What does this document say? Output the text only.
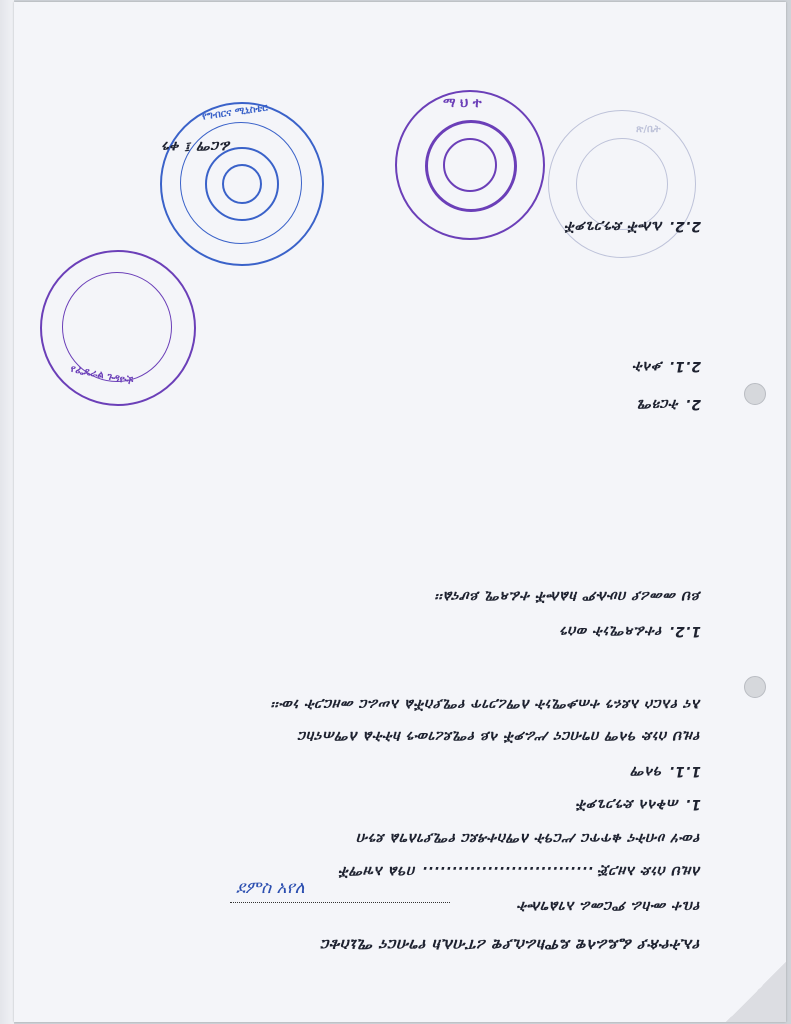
የግብርና ሚኒስቴር	ማ ህ ተ
የፌዴራል ጉዳዮች
ጽ/ቤት
የኢትዮጵያ ፌዴራላዊ ዴሞክራሲያዊ ሪፐብሊክ የግብርና ሚኒስቴር
የቤተ ሙከራ ምርመራ አገልግሎት
ለዚህ ሰነድ አዘጋጅ ............................. በዓል አዝማች
የውሃ ሀብትና ቁጥጥር ሥርዓት ለማስተዳደር የሚያገለግል ደንብ
1. ጠቅላላ ድንጋጌዎች
1.1. ዓላማ
የዚህ ሰነድ ዓላማ በግብርና ሥራዎች ላይ የሚደረገውን ክትትል ለማጠናከር
እና የአርሶ አደሩን ተጠቃሚነት ለማረጋገጥ የሚያስችል አሠራር መዘርጋት ነው፡፡
1.2. የተፈጻሚነት ወሰን
ይህ መመሪያ በሁሉም ክልሎች ተፈጻሚ ይሆናል፡፡
2. ትርጓሜ
2.1. ቃላት
2.2. ሌሎች ድንጋጌዎች
ፊርማ ፤ ቀን
ደምስ አየለ
